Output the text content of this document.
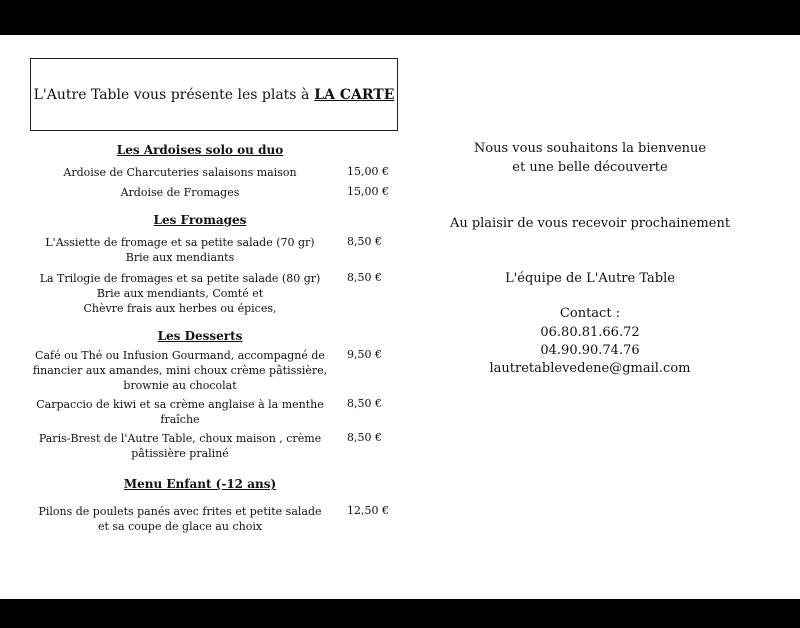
L'Autre Table vous présente les plats à LA CARTE
Les Ardoises solo ou duo
Ardoise de Charcuteries salaisons maison	15,00 €
Ardoise de Fromages	15,00 €
Les Fromages
L'Assiette de fromage et sa petite salade (70 gr)
Brie aux mendiants
8,50 €
La Trilogie de fromages et sa petite salade (80 gr)
Brie aux mendiants, Comté et
Chèvre frais aux herbes ou épices,
8,50 €
Les Desserts
Café ou Thé ou Infusion Gourmand, accompagné de
financier aux amandes, mini choux crème pâtissière,
brownie au chocolat
9,50 €
Carpaccio de kiwi et sa crème anglaise à la menthe
fraîche
8,50 €
Paris-Brest de l'Autre Table, choux maison , crème
pâtissière praliné
8,50 €
Menu Enfant (-12 ans)
Pilons de poulets panés avec frites et petite salade
et sa coupe de glace au choix
12,50 €
Nous vous souhaitons la bienvenue
et une belle découverte
Au plaisir de vous recevoir prochainement
L'équipe de L'Autre Table
Contact :
06.80.81.66.72
04.90.90.74.76
lautretablevedene@gmail.com
